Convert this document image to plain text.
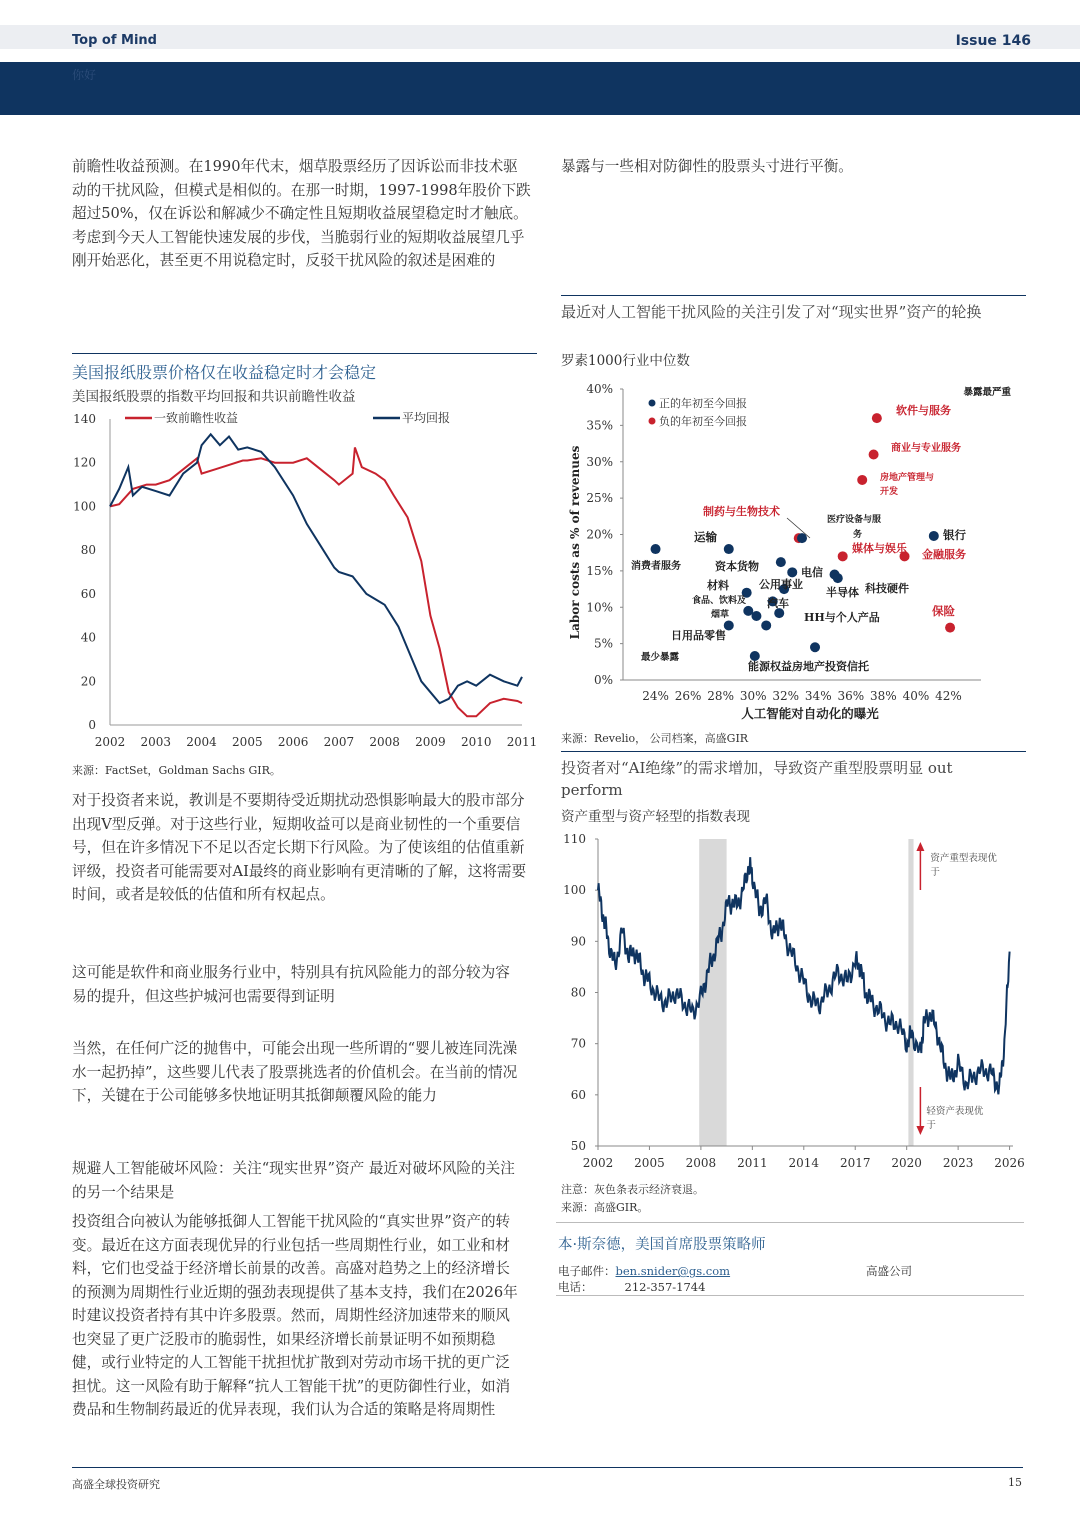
Top of Mind	Issue 146
你好

前瞻性收益预测。在1990年代末，烟草股票经历了因诉讼而非技术驱动的干扰风险，但模式是相似的。在那一时期，1997-1998年股价下跌超过50%，仅在诉讼和解减少不确定性且短期收益展望稳定时才触底。考虑到今天人工智能快速发展的步伐，当脆弱行业的短期收益展望几乎刚开始恶化，甚至更不用说稳定时，反驳干扰风险的叙述是困难的

美国报纸股票价格仅在收益稳定时才会稳定

美国报纸股票的指数平均回报和共识前瞻性收益
0
20
40
60
80
100
120
140
2002 2003 2004 2005 2006 2007 2008 2009 2010 2011
一致前瞻性收益	平均回报
来源：FactSet，Goldman Sachs GIR。

对于投资者来说，教训是不要期待受近期扰动恐惧影响最大的股市部分出现V型反弹。对于这些行业，短期收益可以是商业韧性的一个重要信号，但在许多情况下不足以否定长期下行风险。为了使该组的估值重新评级，投资者可能需要对AI最终的商业影响有更清晰的了解，这将需要时间，或者是较低的估值和所有权起点。

这可能是软件和商业服务行业中，特别具有抗风险能力的部分较为容易的提升，但这些护城河也需要得到证明

当然，在任何广泛的抛售中，可能会出现一些所谓的“婴儿被连同洗澡水一起扔掉”，这些婴儿代表了股票挑选者的价值机会。在当前的情况下，关键在于公司能够多快地证明其抵御颠覆风险的能力

规避人工智能破坏风险：关注“现实世界”资产 最近对破坏风险的关注的另一个结果是

投资组合向被认为能够抵御人工智能干扰风险的“真实世界”资产的转变。最近在这方面表现优异的行业包括一些周期性行业，如工业和材料，它们也受益于经济增长前景的改善。高盛对趋势之上的经济增长的预测为周期性行业近期的强劲表现提供了基本支持，我们在2026年时建议投资者持有其中许多股票。然而，周期性经济加速带来的顺风也突显了更广泛股市的脆弱性，如果经济增长前景证明不如预期稳健，或行业特定的人工智能干扰担忧扩散到对劳动市场干扰的更广泛担忧。这一风险有助于解释“抗人工智能干扰”的更防御性行业，如消费品和生物制药最近的优异表现，我们认为合适的策略是将周期性

暴露与一些相对防御性的股票头寸进行平衡。

最近对人工智能干扰风险的关注引发了对“现实世界”资产的轮换

罗素1000行业中位数
0%
5%
10%
15%
20%
25%
30%
35%
40%
24% 26% 28% 30% 32% 34% 36% 38% 40% 42%
人工智能对自动化的曝光
Labor costs as % of revenues
软件与服务
商业与专业服务
房地产管理与
开发
制药与生物技术
医疗设备与服
务
媒体与娱乐 金融服务
银行
保险
运输
消费者服务	资本货物	电信
材料	公用事业
食品、饮料及
烟草
汽车
半导体 科技硬件
HH与个人产品
日用品零售
能源权益房地产投资信托
正的年初至今回报
负的年初至今回报
暴露最严重
最少暴露
来源：Revelio， 公司档案，高盛GIR

投资者对“AI绝缘”的需求增加，导致资产重型股票明显 out perform

资产重型与资产轻型的指数表现
50
60
70
80
90
100
110
2002 2005 2008 2011 2014 2017 2020 2023 2026
资产重型表现优
于
轻资产表现优
于
注意：灰色条表示经济衰退。
来源：高盛GIR。
本·斯奈德，美国首席股票策略师
电子邮件：ben.snider@gs.com	高盛公司
电话：	212-357-1744
高盛全球投资研究	15
